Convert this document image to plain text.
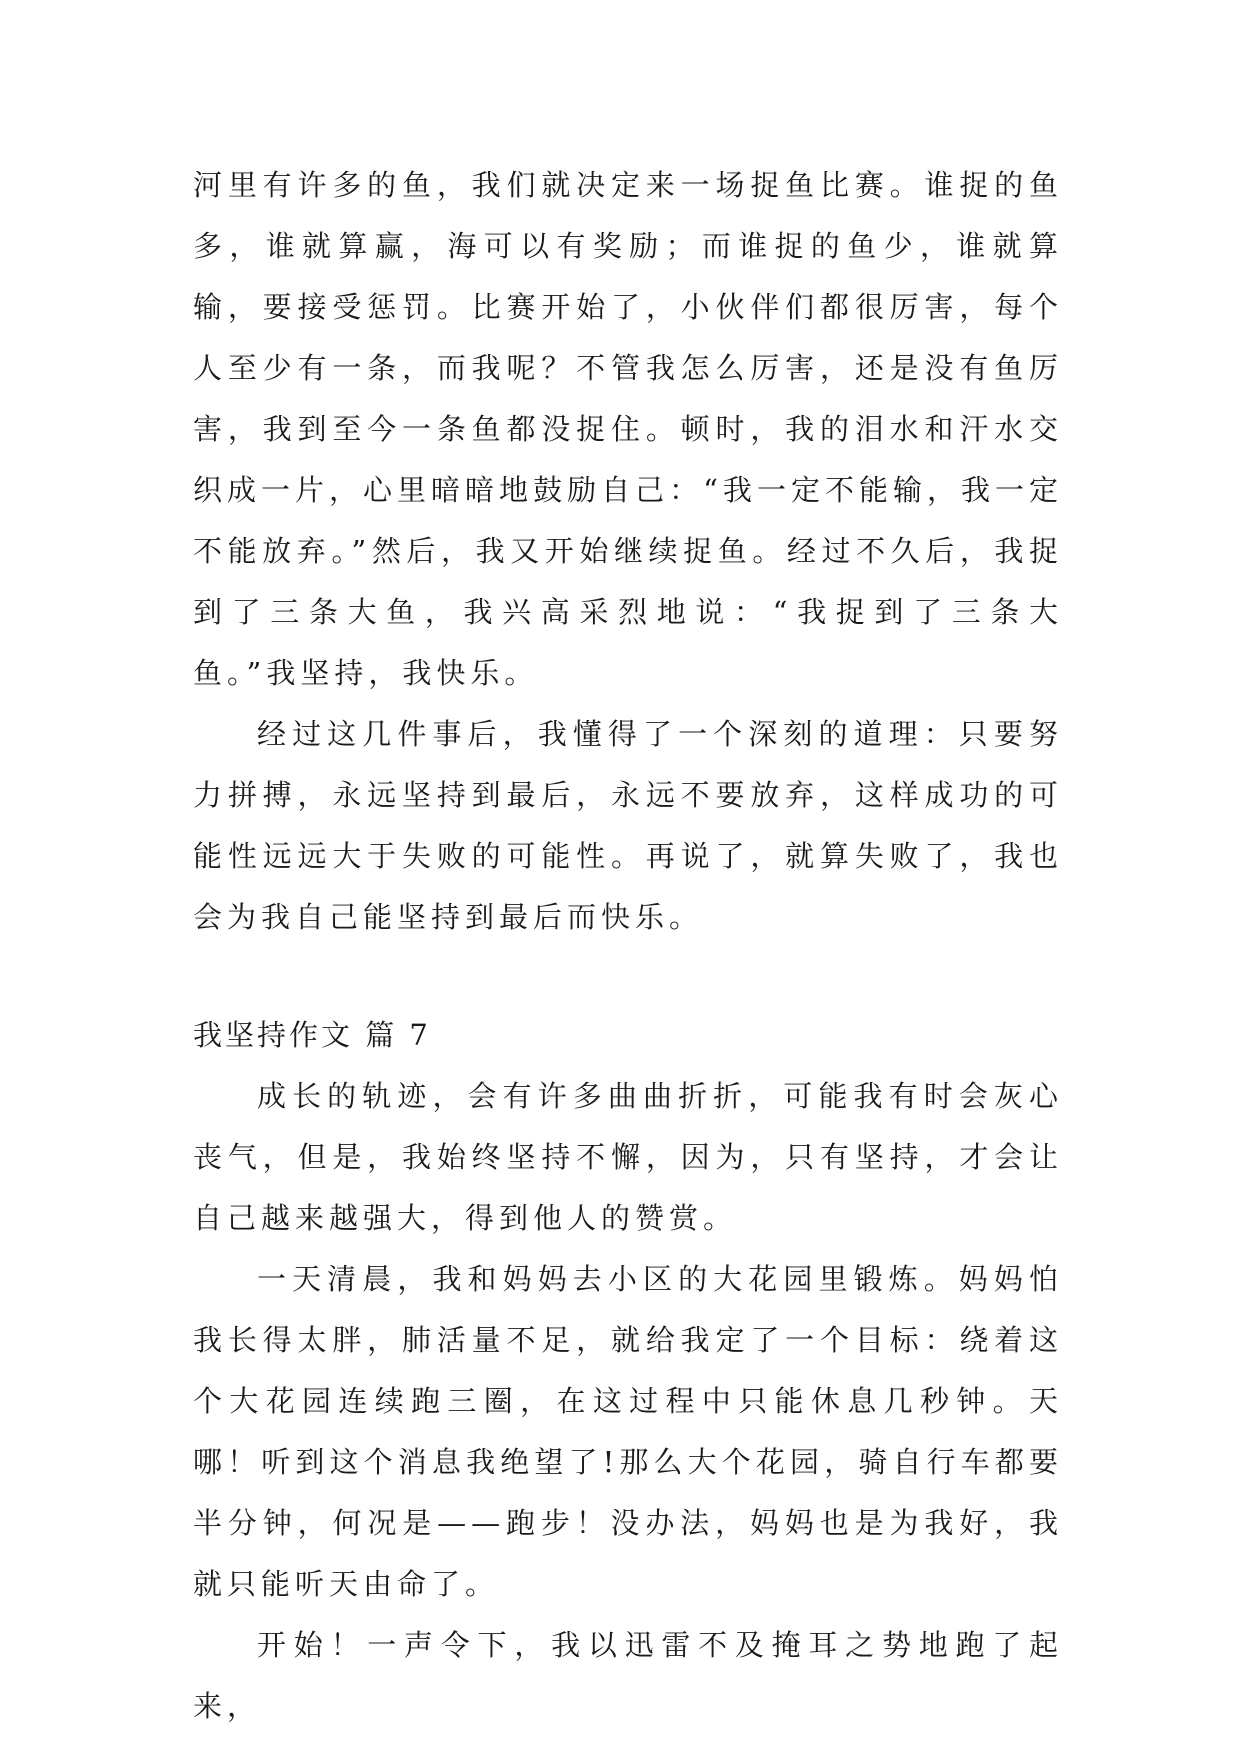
河里有许多的鱼，我们就决定来一场捉鱼比赛。谁捉的鱼多，谁就算赢，海可以有奖励；而谁捉的鱼少，谁就算输，要接受惩罚。比赛开始了，小伙伴们都很厉害，每个人至少有一条，而我呢？不管我怎么厉害，还是没有鱼厉害，我到至今一条鱼都没捉住。顿时，我的泪水和汗水交织成一片，心里暗暗地鼓励自己：“我一定不能输，我一定不能放弃。”然后，我又开始继续捉鱼。经过不久后，我捉到了三条大鱼，我兴高采烈地说：“我捉到了三条大鱼。”我坚持，我快乐。

经过这几件事后，我懂得了一个深刻的道理：只要努力拼搏，永远坚持到最后，永远不要放弃，这样成功的可能性远远大于失败的可能性。再说了，就算失败了，我也会为我自己能坚持到最后而快乐。

我坚持作文 篇 7

成长的轨迹，会有许多曲曲折折，可能我有时会灰心丧气，但是，我始终坚持不懈，因为，只有坚持，才会让自己越来越强大，得到他人的赞赏。

一天清晨，我和妈妈去小区的大花园里锻炼。妈妈怕我长得太胖，肺活量不足，就给我定了一个目标：绕着这个大花园连续跑三圈，在这过程中只能休息几秒钟。天哪！听到这个消息我绝望了!那么大个花园，骑自行车都要半分钟，何况是——跑步！没办法，妈妈也是为我好，我就只能听天由命了。

开始！一声令下，我以迅雷不及掩耳之势地跑了起来，
